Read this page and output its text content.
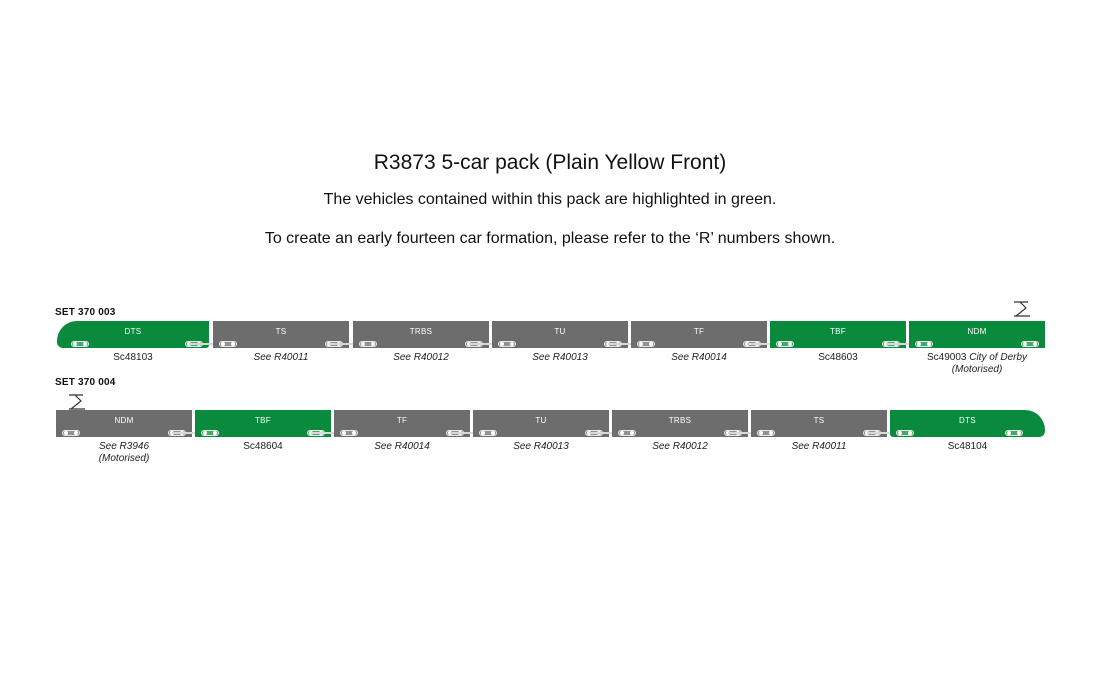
R3873 5-car pack (Plain Yellow Front)
The vehicles contained within this pack are highlighted in green.
To create an early fourteen car formation, please refer to the ‘R’ numbers shown.
SET 370 003
DTS
Sc48103
TS
See R40011
TRBS
See R40012
TU
See R40013
TF
See R40014
TBF
Sc48603
NDM
Sc49003 City of Derby
(Motorised)
SET 370 004
NDM
See R3946
(Motorised)
TBF
Sc48604
TF
See R40014
TU
See R40013
TRBS
See R40012
TS
See R40011
DTS
Sc48104
